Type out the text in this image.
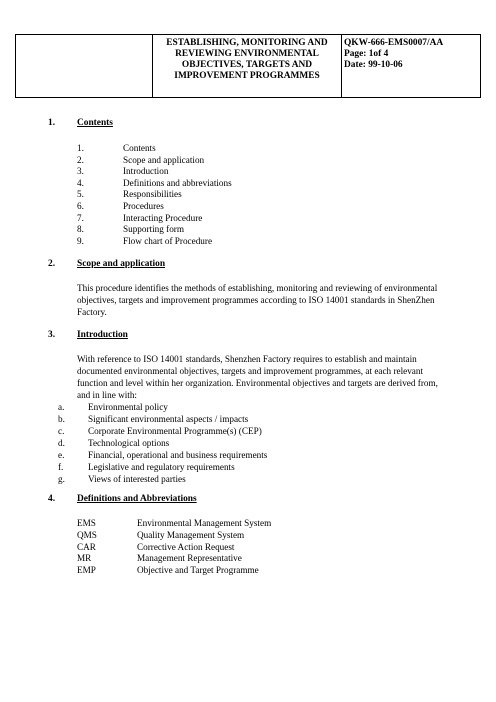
ESTABLISHING, MONITORING AND
REVIEWING ENVIRONMENTAL
OBJECTIVES, TARGETS AND
IMPROVEMENT PROGRAMMES

QKW-666-EMS0007/AA
Page: 1of 4
Date: 99-10-06
1. Contents
1.	Contents
2.	Scope and application
3.	Introduction
4.	Definitions and abbreviations
5.	Responsibilities
6.	Procedures
7.	Interacting Procedure
8.	Supporting form
9.	Flow chart of Procedure
2. Scope and application
This procedure identifies the methods of establishing, monitoring and reviewing of environmental
objectives, targets and improvement programmes according to ISO 14001 standards in ShenZhen
Factory.
3. Introduction
With reference to ISO 14001 standards, Shenzhen Factory requires to establish and maintain
documented environmental objectives, targets and improvement programmes, at each relevant
function and level within her organization. Environmental objectives and targets are derived from,
and in line with:
a.	Environmental policy
b.	Significant environmental aspects / impacts
c.	Corporate Environmental Programme(s) (CEP)
d.	Technological options
e.	Financial, operational and business requirements
f.	Legislative and regulatory requirements
g.	Views of interested parties
4. Definitions and Abbreviations
EMS	Environmental Management System
QMS	Quality Management System
CAR	Corrective Action Request
MR	Management Representative
EMP	Objective and Target Programme
